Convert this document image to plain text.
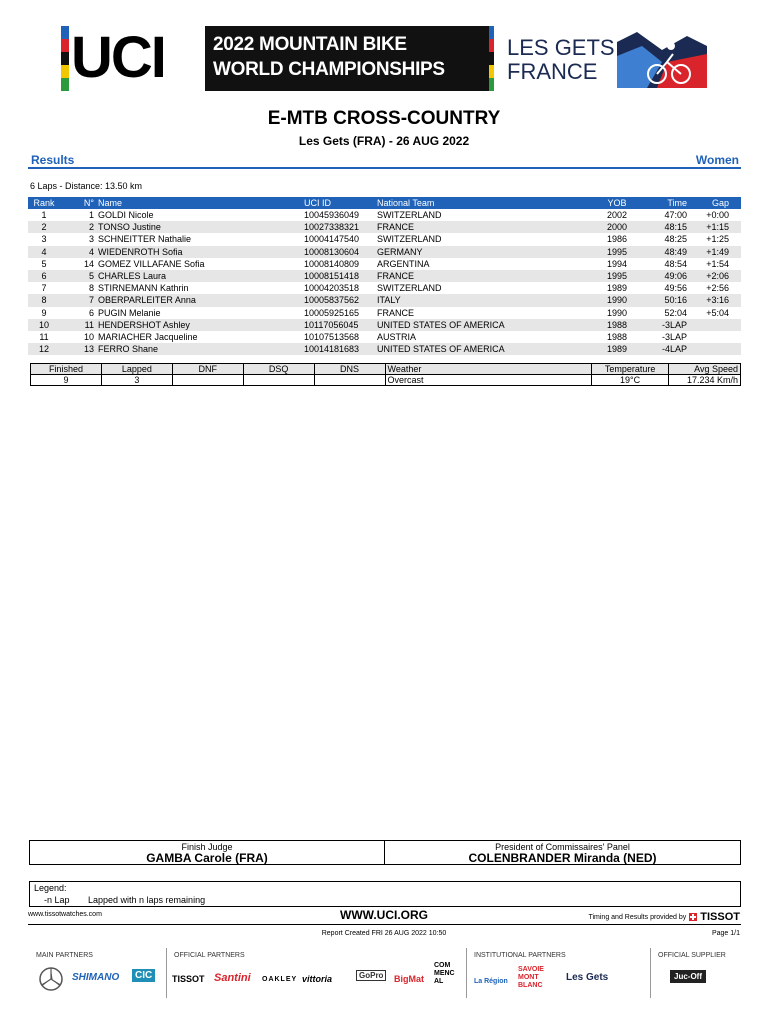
UCI	2022 MOUNTAIN BIKE
WORLD CHAMPIONSHIPS
LES GETS
FRANCE
E-MTB CROSS-COUNTRY
Les Gets (FRA) - 26 AUG 2022
Results	Women
6 Laps - Distance: 13.50 km
Rank	N°	Name	UCI ID	National Team	YOB	Time	Gap
1	1	GOLDI Nicole	10045936049	SWITZERLAND	2002	47:00	+0:00
2	2	TONSO Justine	10027338321	FRANCE	2000	48:15	+1:15
3	3	SCHNEITTER Nathalie	10004147540	SWITZERLAND	1986	48:25	+1:25
4	4	WIEDENROTH Sofia	10008130604	GERMANY	1995	48:49	+1:49
5	14	GOMEZ VILLAFANE Sofia	10008140809	ARGENTINA	1994	48:54	+1:54
6	5	CHARLES Laura	10008151418	FRANCE	1995	49:06	+2:06
7	8	STIRNEMANN Kathrin	10004203518	SWITZERLAND	1989	49:56	+2:56
8	7	OBERPARLEITER Anna	10005837562	ITALY	1990	50:16	+3:16
9	6	PUGIN Melanie	10005925165	FRANCE	1990	52:04	+5:04
10	11	HENDERSHOT Ashley	10117056045	UNITED STATES OF AMERICA	1988	-3LAP	
11	10	MARIACHER Jacqueline	10107513568	AUSTRIA	1988	-3LAP	
12	13	FERRO Shane	10014181683	UNITED STATES OF AMERICA	1989	-4LAP	
Finished	Lapped	DNF	DSQ	DNS	Weather	Temperature	Avg Speed
9	3				Overcast	19°C	17.234 Km/h
Finish Judge
GAMBA Carole (FRA)
President of Commissaires' Panel
COLENBRANDER Miranda (NED)
Legend:
-n Lap Lapped with n laps remaining
www.tissotwatches.com	WWW.UCI.ORG	Timing and Results provided by TISSOT
Report Created FRI 26 AUG 2022 10:50	Page 1/1
MAIN PARTNERS
SHIMANO	CIC
OFFICIAL PARTNERS
TISSOT Santini OAKLEY vittoria	GoPro	BigMat
COMMENCAL
INSTITUTIONAL PARTNERS
La Région
SAVOIE MONT BLANC
Les Gets
OFFICIAL SUPPLIER
Juc-Off
